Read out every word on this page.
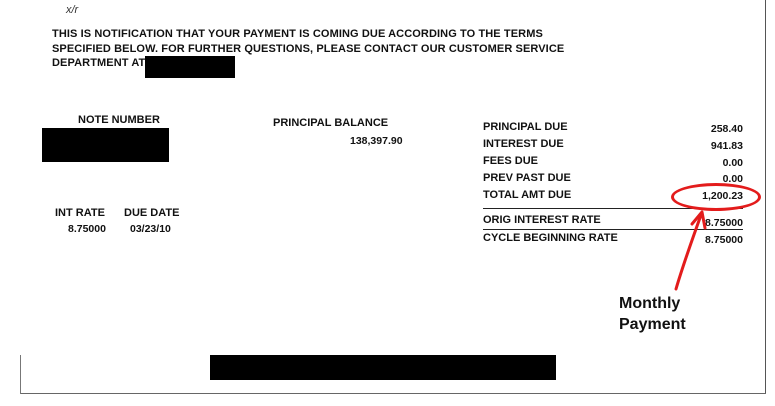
x/r
THIS IS NOTIFICATION THAT YOUR PAYMENT IS COMING DUE ACCORDING TO THE TERMS
SPECIFIED BELOW. FOR FURTHER QUESTIONS, PLEASE CONTACT OUR CUSTOMER SERVICE
DEPARTMENT AT
NOTE NUMBER
INT RATE
8.75000
DUE DATE
03/23/10
PRINCIPAL BALANCE
138,397.90
PRINCIPAL DUE	258.40
INTEREST DUE	941.83
FEES DUE	0.00
PREV PAST DUE	0.00
TOTAL AMT DUE	1,200.23
ORIG INTEREST RATE	8.75000
CYCLE BEGINNING RATE	8.75000
Monthly
Payment
